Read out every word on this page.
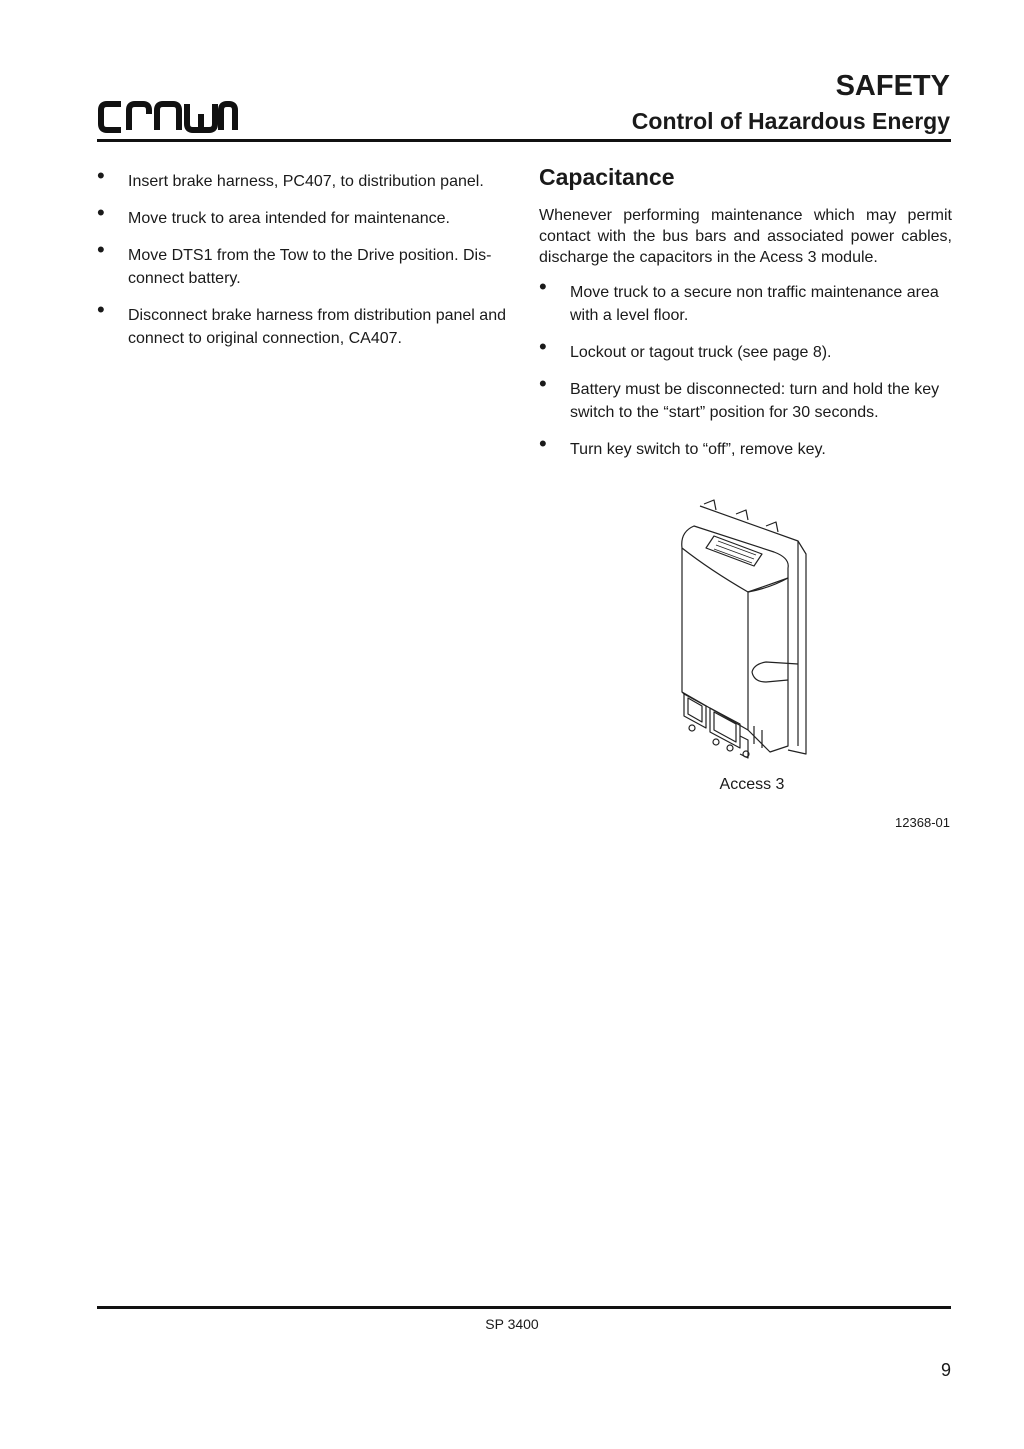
SAFETY
Control of Hazardous Energy
• Insert brake harness, PC407, to distribution panel.
• Move truck to area intended for maintenance.
• Move DTS1 from the Tow to the Drive position. Dis-connect battery.
• Disconnect brake harness from distribution panel and connect to original connection, CA407.
Capacitance

Whenever performing maintenance which may permit contact with the bus bars and associated power cables, discharge the capacitors in the Acess 3 module.

• Move truck to a secure non traffic maintenance area with a level floor.
• Lockout or tagout truck (see page 8).
• Battery must be disconnected: turn and hold the key switch to the “start” position for 30 seconds.
• Turn key switch to “off”, remove key.

Access 3

12368-01

SP 3400

9
